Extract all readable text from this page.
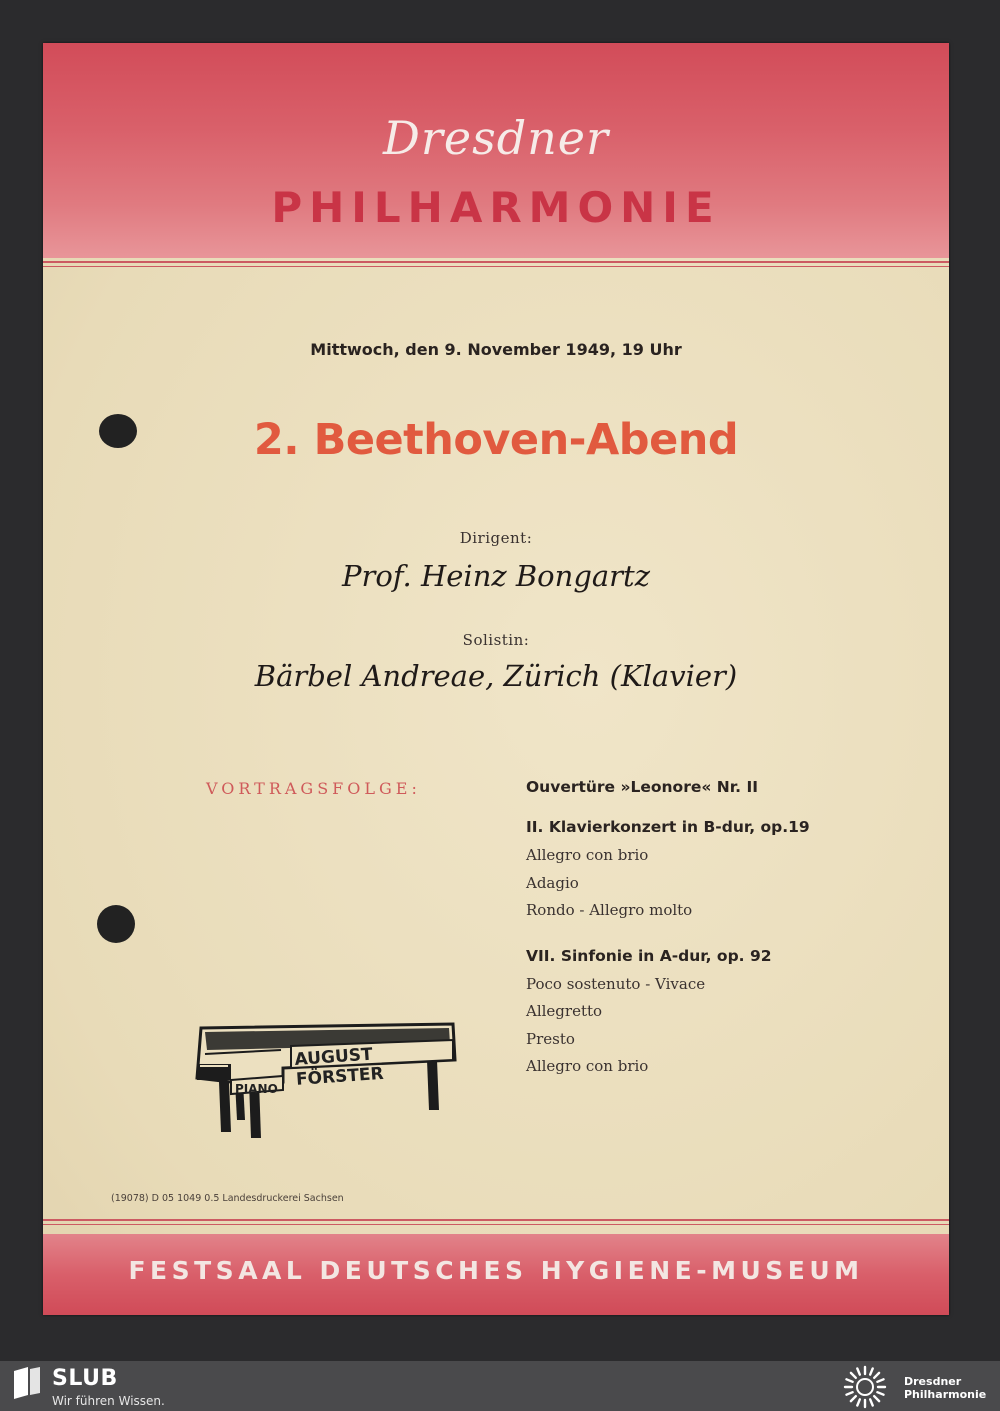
Dresdner
PHILHARMONIE
Mittwoch, den 9. November 1949, 19 Uhr
2. Beethoven-Abend
Dirigent:
Prof. Heinz Bongartz
Solistin:
Bärbel Andreae, Zürich (Klavier)
VORTRAGSFOLGE:	Ouvertüre »Leonore« Nr. II

II. Klavierkonzert in B-dur, op.19

Allegro con brio

Adagio

Rondo - Allegro molto

VII. Sinfonie in A-dur, op. 92

Poco sostenuto - Vivace

Allegretto

Presto

Allegro con brio

AUGUST FÖRSTER
PIANO
(19078) D 05 1049 0.5 Landesdruckerei Sachsen
FESTSAAL DEUTSCHES HYGIENE-MUSEUM
SLUB
Wir führen Wissen.
Dresdner
Philharmonie
